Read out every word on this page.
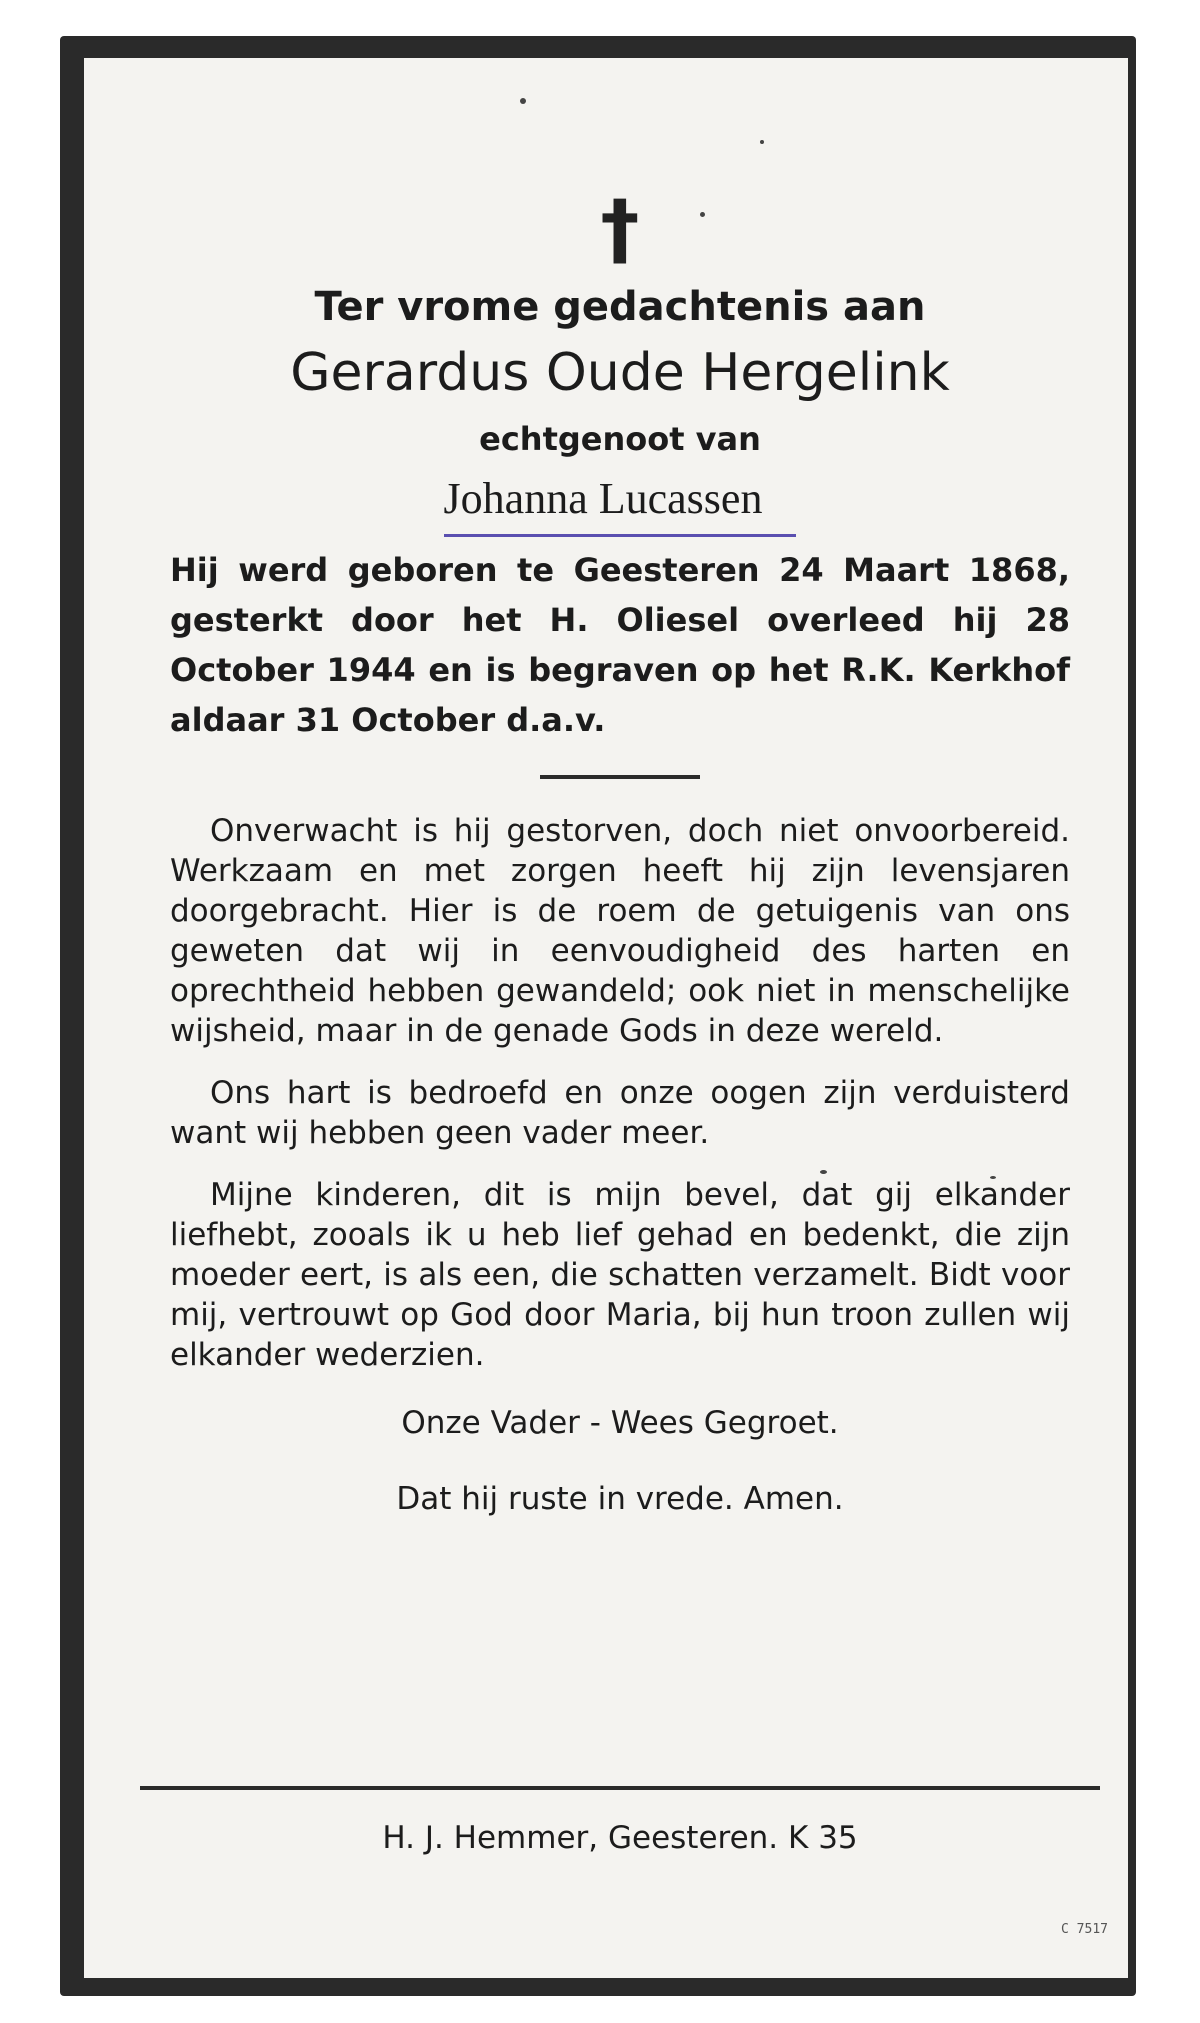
†

Ter vrome gedachtenis aan

Gerardus Oude Hergelink

echtgenoot van

Johanna Lucassen

Hij werd geboren te Geesteren 24 Maart 1868, gesterkt door het H. Oliesel overleed hij 28 October 1944 en is begraven op het R.K. Kerkhof aldaar 31 October d.a.v.

Onverwacht is hij gestorven, doch niet onvoorbereid. Werkzaam en met zorgen heeft hij zijn levensjaren doorgebracht. Hier is de roem de getuigenis van ons geweten dat wij in eenvoudigheid des harten en oprechtheid hebben gewandeld; ook niet in menschelijke wijsheid, maar in de genade Gods in deze wereld.

Ons hart is bedroefd en onze oogen zijn verduisterd want wij hebben geen vader meer.

Mijne kinderen, dit is mijn bevel, dat gij elkander liefhebt, zooals ik u heb lief gehad en bedenkt, die zijn moeder eert, is als een, die schatten verzamelt. Bidt voor mij, vertrouwt op God door Maria, bij hun troon zullen wij elkander wederzien.

Onze Vader - Wees Gegroet.

Dat hij ruste in vrede. Amen.

H. J. Hemmer, Geesteren. K 35
C 7517
